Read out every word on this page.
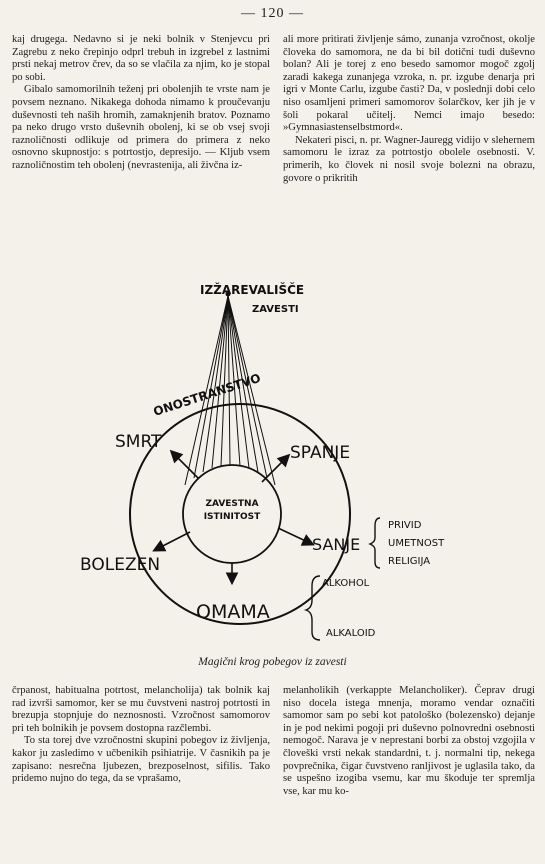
— 120 —

kaj drugega. Nedavno si je neki bolnik v Stenjevcu pri Zagrebu z neko črepinjo odprl trebuh in izgrebel z lastnimi prsti nekaj metrov črev, da so se vlačila za njim, ko je stopal po sobi.

Gibalo samomorilnih teženj pri obolenjih te vrste nam je povsem neznano. Nikakega dohoda nimamo k proučevanju duševnosti teh naših hromih, zamaknjenih bratov. Poznamo pa neko drugo vrsto duševnih obolenj, ki se ob vsej svoji raznoličnosti odlikuje od primera do primera z neko osnovno skupnostjo: s potrtostjo, depresijo. — Kljub vsem raznoličnostim teh obolenj (nevrastenija, ali živčna iz-

ali more pritirati življenje sámo, zunanja vzročnost, okolje človeka do samomora, ne da bi bil dotični tudi duševno bolan? Ali je torej z eno besedo samomor mogoč zgolj zaradi kakega zunanjega vzroka, n. pr. izgube denarja pri igri v Monte Carlu, izgube časti? Da, v poslednji dobi celo niso osamljeni primeri samomorov šolarčkov, ker jih je v šoli pokaral učitelj. Nemci imajo besedo: »Gymnasiastenselbstmord«.

Nekateri pisci, n. pr. Wagner-Jauregg vidijo v slehernem samomoru le izraz za potrtostjo obolele osebnosti. V. primerih, ko človek ni nosil svoje bolezni na obrazu, govore o prikritih

IZŽAREVALIŠČE
ZAVESTI
ONOSTRANSTVO
ZAVESTNA
ISTINITOST
SMRT
SPANJE
SANJE
BOLEZEN
OMAMA
PRIVID
UMETNOST
RELIGIJA
ALKOHOL
ALKALOID
Magični krog pobegov iz zavesti

črpanost, habitualna potrtost, melancholija) tak bolnik kaj rad izvrši samomor, ker se mu čuvstveni nastroj potrtosti in brezupja stopnjuje do neznosnosti. Vzročnost samomorov pri teh bolnikih je povsem dostopna razčlembi.

To sta torej dve vzročnostni skupini pobegov iz življenja, kakor ju zasledimo v učbenikih psihiatrije. V časnikih pa je zapisano: nesrečna ljubezen, brezposelnost, sifilis. Tako pridemo nujno do tega, da se vprašamo,

melanholikih (verkappte Melancholiker). Čeprav drugi niso docela istega mnenja, moramo vendar označiti samomor sam po sebi kot patološko (bolezensko) dejanje in je pod nekimi pogoji pri duševno polnovredni osebnosti nemogoč. Narava je v neprestani borbi za obstoj vzgojila v človeški vrsti nekak standardni, t. j. normalni tip, nekega povprečnika, čigar čuvstveno ranljivost je uglasila tako, da se uspešno izogiba vsemu, kar mu škoduje ter spremlja vse, kar mu ko-
